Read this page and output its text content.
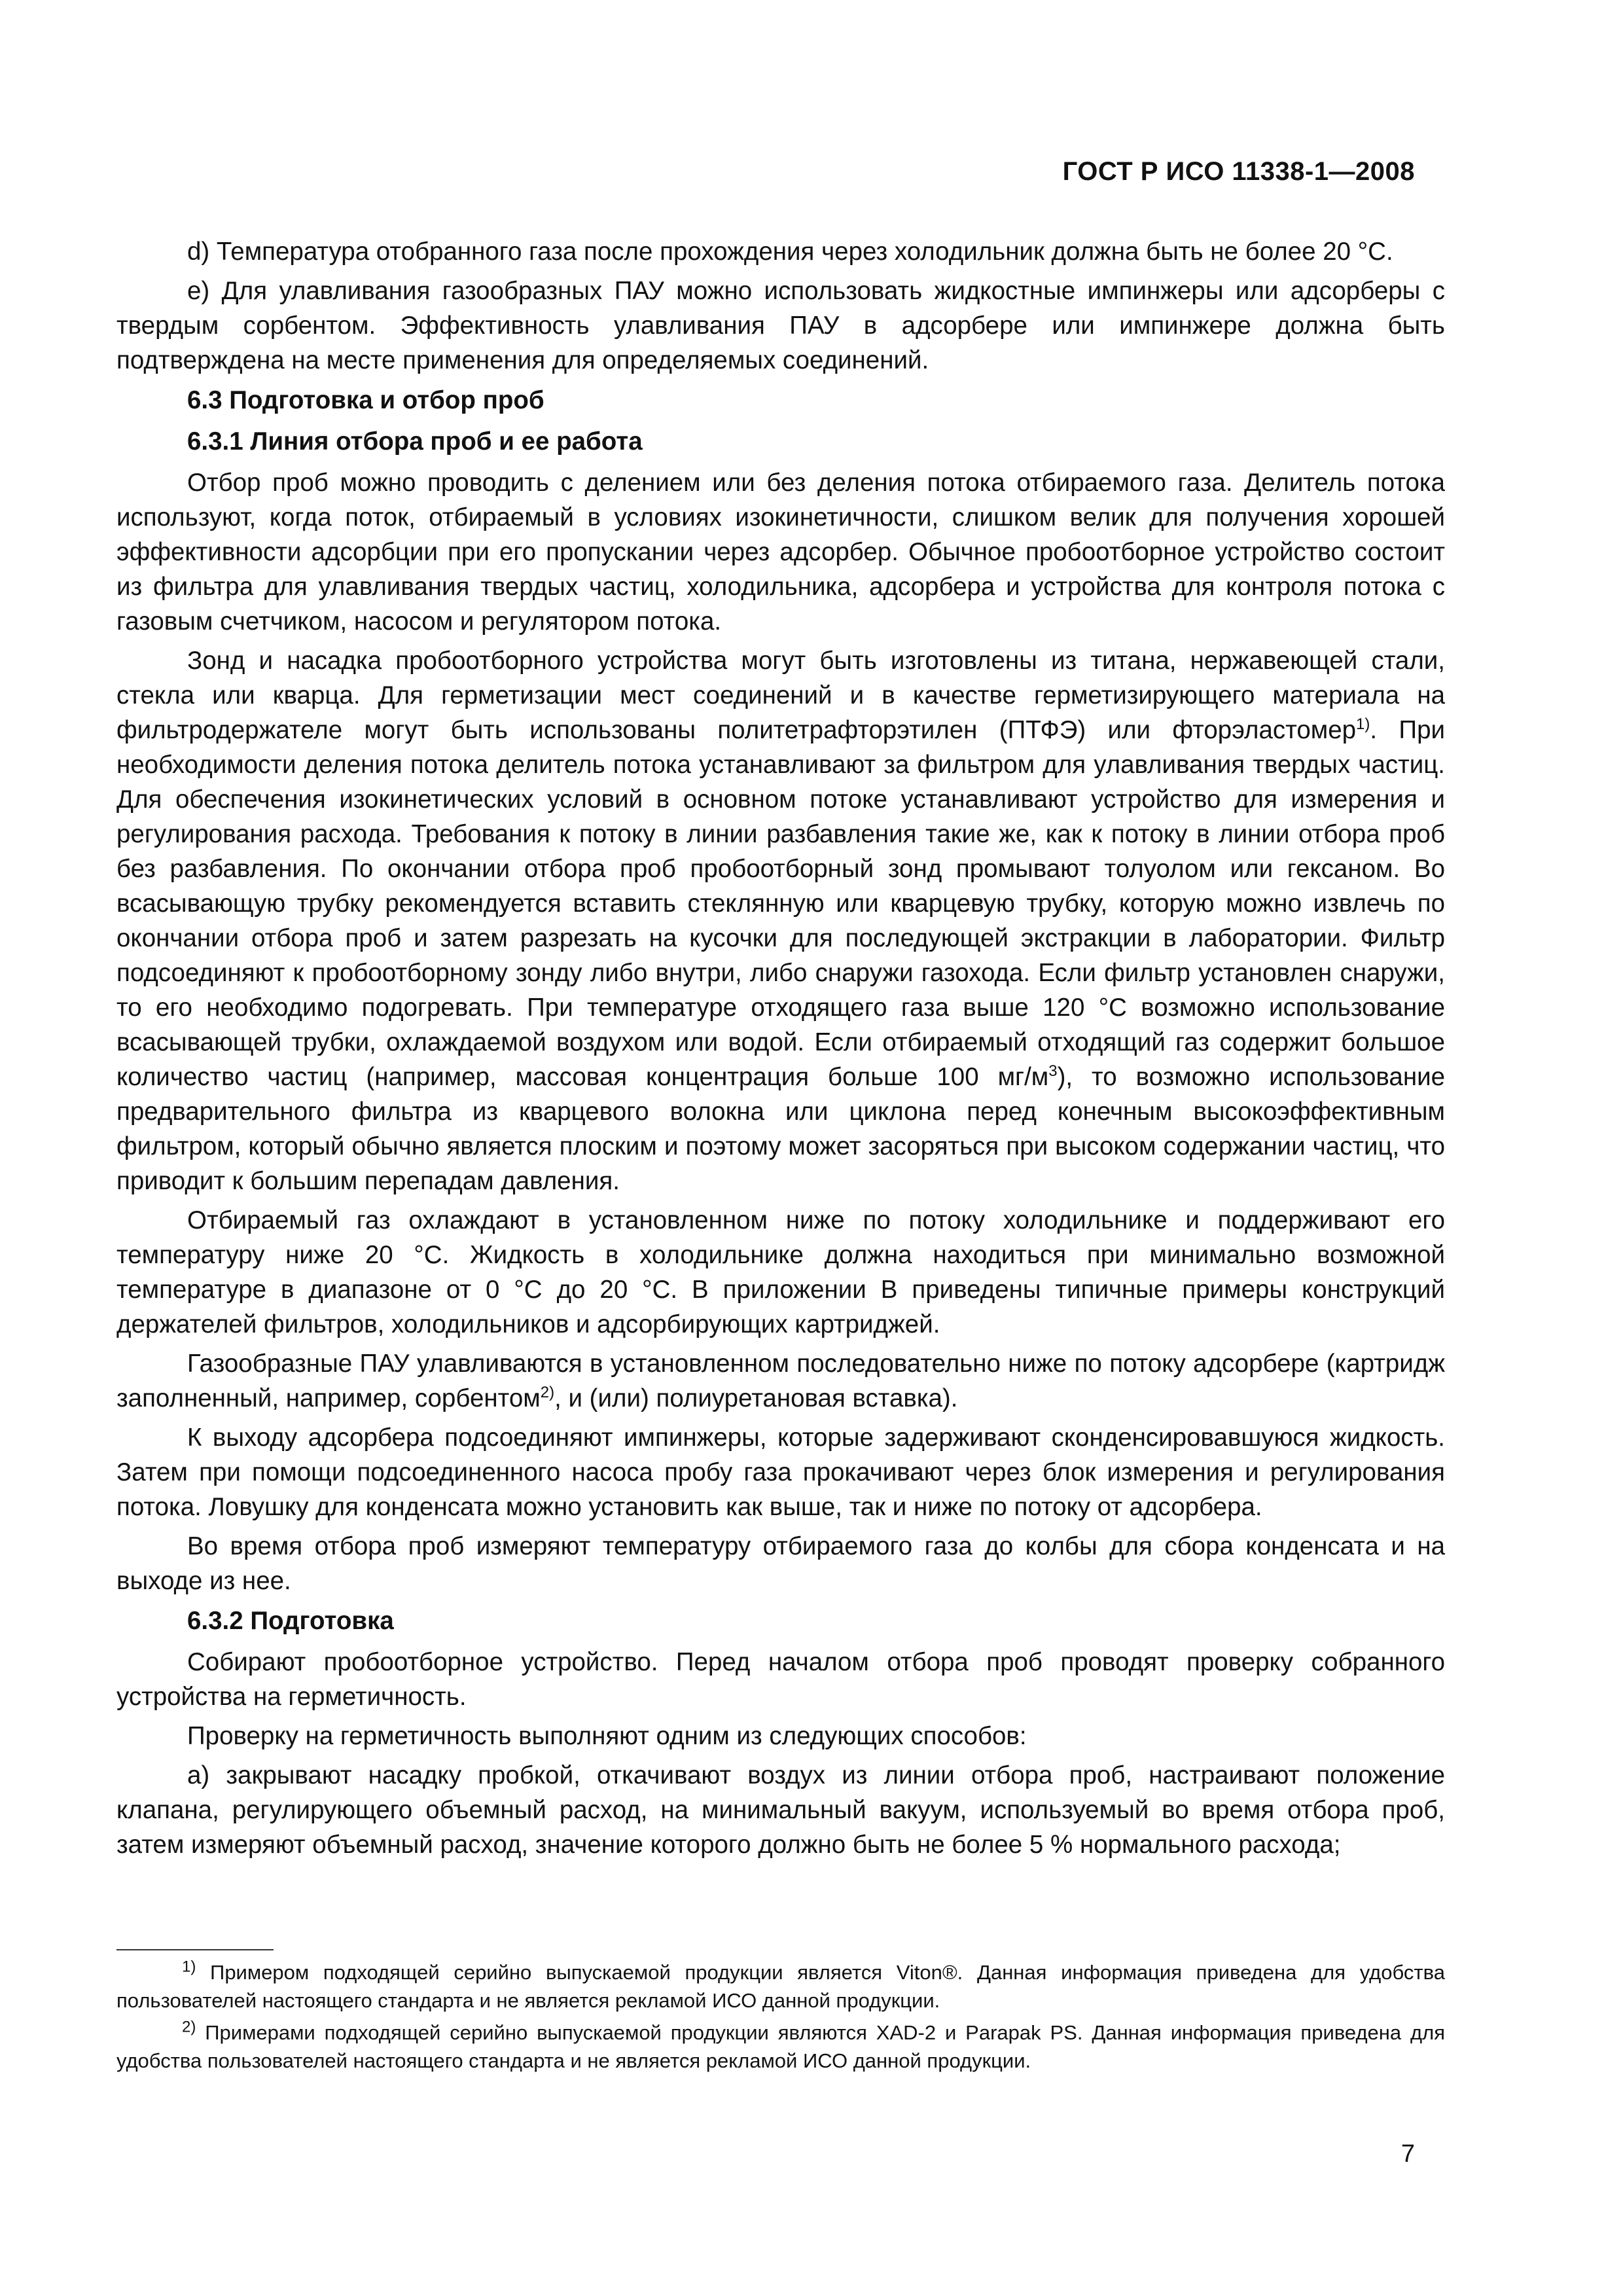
ГОСТ Р ИСО 11338-1—2008

d) Температура отобранного газа после прохождения через холодильник должна быть не более 20 °С.

е) Для улавливания газообразных ПАУ можно использовать жидкостные импинжеры или адсорберы с твердым сорбентом. Эффективность улавливания ПАУ в адсорбере или импинжере должна быть подтверждена на месте применения для определяемых соединений.

6.3 Подготовка и отбор проб
6.3.1 Линия отбора проб и ее работа

Отбор проб можно проводить с делением или без деления потока отбираемого газа. Делитель потока используют, когда поток, отбираемый в условиях изокинетичности, слишком велик для получения хорошей эффективности адсорбции при его пропускании через адсорбер. Обычное пробоотборное устройство состоит из фильтра для улавливания твердых частиц, холодильника, адсорбера и устройства для контроля потока с газовым счетчиком, насосом и регулятором потока.

Зонд и насадка пробоотборного устройства могут быть изготовлены из титана, нержавеющей стали, стекла или кварца. Для герметизации мест соединений и в качестве герметизирующего материала на фильтродержателе могут быть использованы политетрафторэтилен (ПТФЭ) или фторэластомер$^{1)}$. При необходимости деления потока делитель потока устанавливают за фильтром для улавливания твердых частиц. Для обеспечения изокинетических условий в основном потоке устанавливают устройство для измерения и регулирования расхода. Требования к потоку в линии разбавления такие же, как к потоку в линии отбора проб без разбавления. По окончании отбора проб пробоотборный зонд промывают толуолом или гексаном. Во всасывающую трубку рекомендуется вставить стеклянную или кварцевую трубку, которую можно извлечь по окончании отбора проб и затем разрезать на кусочки для последующей экстракции в лаборатории. Фильтр подсоединяют к пробоотборному зонду либо внутри, либо снаружи газохода. Если фильтр установлен снаружи, то его необходимо подогревать. При температуре отходящего газа выше 120 °С возможно использование всасывающей трубки, охлаждаемой воздухом или водой. Если отбираемый отходящий газ содержит большое количество частиц (например, массовая концентрация больше 100 $мг/м^3$), то возможно использование предварительного фильтра из кварцевого волокна или циклона перед конечным высокоэффективным фильтром, который обычно является плоским и поэтому может засоряться при высоком содержании частиц, что приводит к большим перепадам давления.

Отбираемый газ охлаждают в установленном ниже по потоку холодильнике и поддерживают его температуру ниже 20 °С. Жидкость в холодильнике должна находиться при минимально возможной температуре в диапазоне от 0 °С до 20 °С. В приложении В приведены типичные примеры конструкций держателей фильтров, холодильников и адсорбирующих картриджей.

Газообразные ПАУ улавливаются в установленном последовательно ниже по потоку адсорбере (картридж заполненный, например, сорбентом$^{2)}$, и (или) полиуретановая вставка).

К выходу адсорбера подсоединяют импинжеры, которые задерживают сконденсировавшуюся жидкость. Затем при помощи подсоединенного насоса пробу газа прокачивают через блок измерения и регулирования потока. Ловушку для конденсата можно установить как выше, так и ниже по потоку от адсорбера.

Во время отбора проб измеряют температуру отбираемого газа до колбы для сбора конденсата и на выходе из нее.

6.3.2 Подготовка

Собирают пробоотборное устройство. Перед началом отбора проб проводят проверку собранного устройства на герметичность.

Проверку на герметичность выполняют одним из следующих способов:

а) закрывают насадку пробкой, откачивают воздух из линии отбора проб, настраивают положение клапана, регулирующего объемный расход, на минимальный вакуум, используемый во время отбора проб, затем измеряют объемный расход, значение которого должно быть не более 5 % нормального расхода;

$^{1)}$ Примером подходящей серийно выпускаемой продукции является Viton®. Данная информация приведена для удобства пользователей настоящего стандарта и не является рекламой ИСО данной продукции.

$^{2)}$ Примерами подходящей серийно выпускаемой продукции являются XAD-2 и Parapak PS. Данная информация приведена для удобства пользователей настоящего стандарта и не является рекламой ИСО данной продукции.

7
